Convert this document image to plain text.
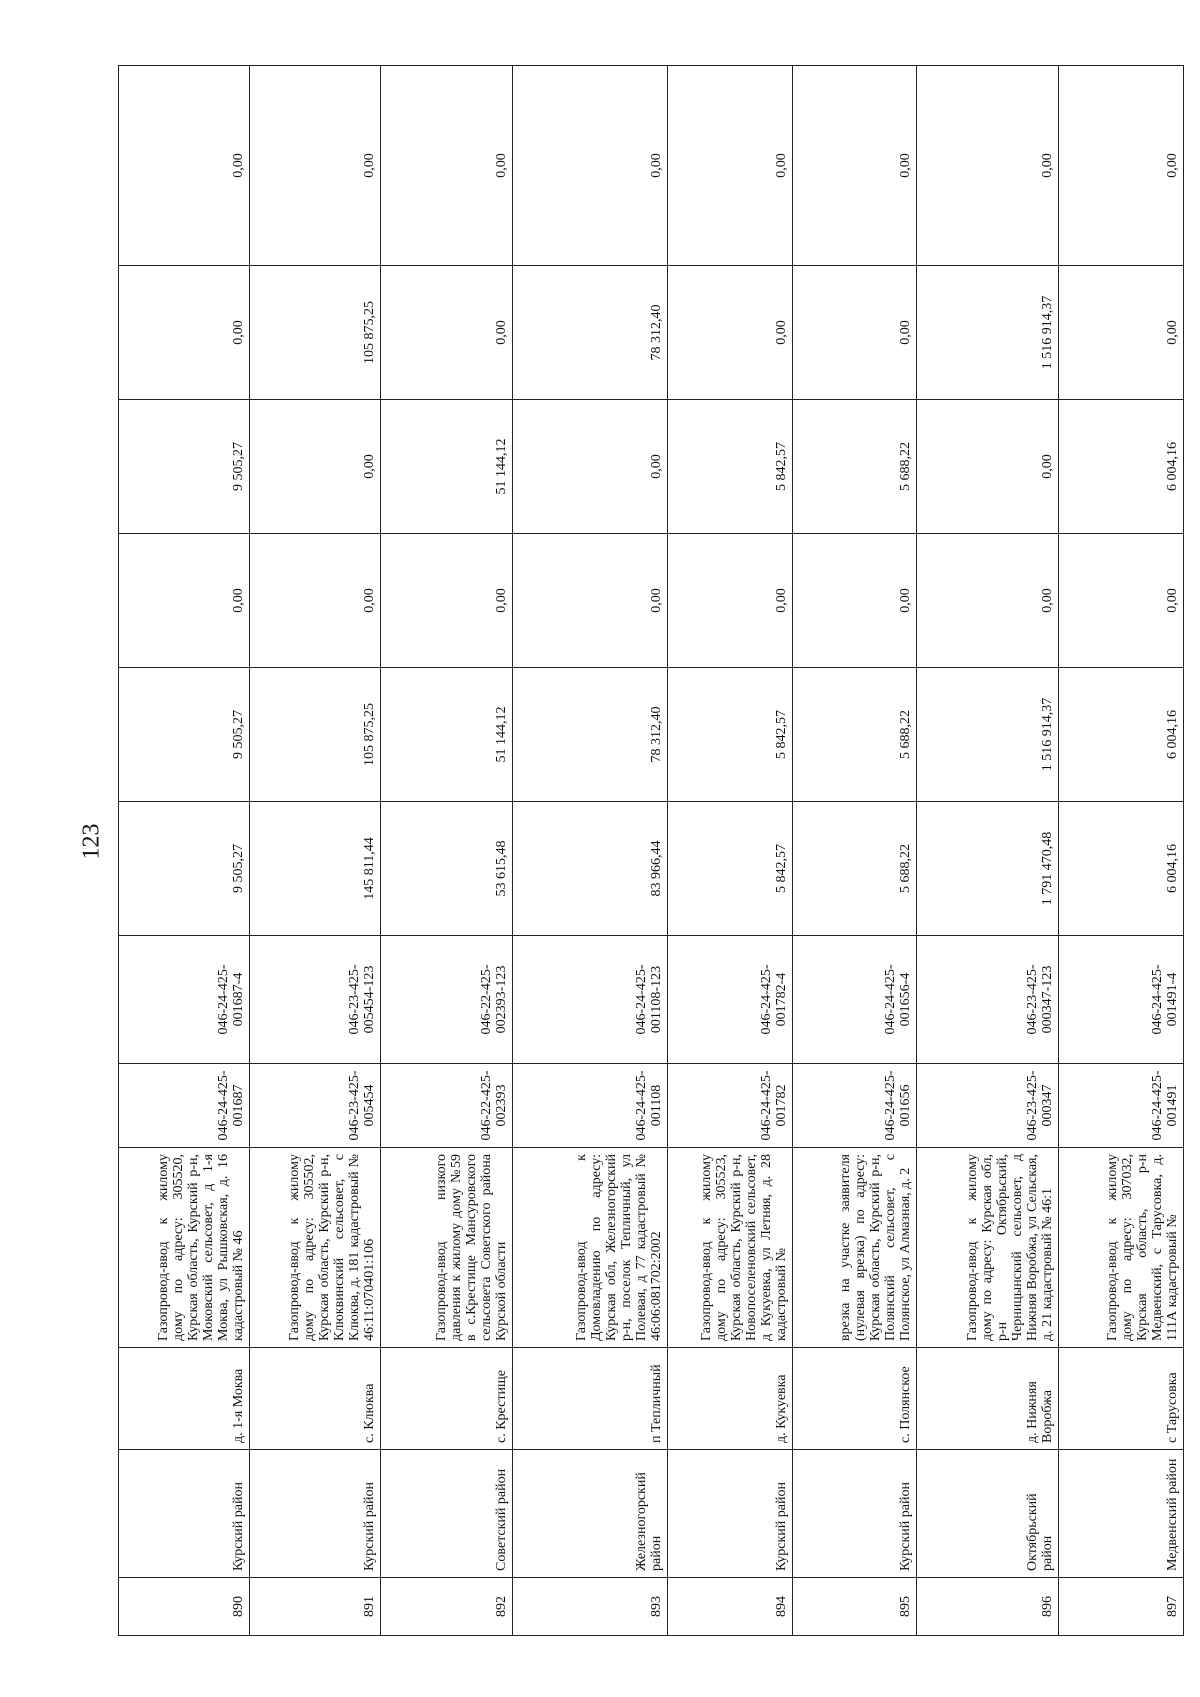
123
890	Курский район	д. 1-я Моква	Газопровод-ввод к жилому дому по адресу: 305520, Курская область, Курский р-н, Моковский сельсовет, д 1-я Моква, ул Рышковская, д. 16 кадастровый № 46	046-24-425-001687	046-24-425-001687-4	9 505,27	9 505,27	0,00	9 505,27	0,00	0,00
891	Курский район	с. Клюква	Газопровод-ввод к жилому дому по адресу: 305502, Курская область, Курский р-н, Клюквинский сельсовет, с Клюква, д. 181 кадастровый № 46:11:070401:106	046-23-425-005454	046-23-425-005454-123	145 811,44	105 875,25	0,00	0,00	105 875,25	0,00
892	Советский район	с. Крестище	Газопровод-ввод низкого давления к жилому дому №59 в с.Крестище Мансуровского сельсовета Советского района Курской области	046-22-425-002393	046-22-425-002393-123	53 615,48	51 144,12	0,00	51 144,12	0,00	0,00
893	Железногорский район	п Тепличный	Газопровод-ввод к Домовладению по адресу: Курская обл, Железногорский р-н, поселок Тепличный, ул Полевая, д 77 кадастровый № 46:06:081702:2002	046-24-425-001108	046-24-425-001108-123	83 966,44	78 312,40	0,00	0,00	78 312,40	0,00
894	Курский район	д. Кукуевка	Газопровод-ввод к жилому дому по адресу: 305523, Курская область, Курский р-н, Новопоселеновский сельсовет, д Кукуевка, ул Летняя, д. 28 кадастровый №	046-24-425-001782	046-24-425-001782-4	5 842,57	5 842,57	0,00	5 842,57	0,00	0,00
895	Курский район	с. Полянское	врезка на участке заявителя (нулевая врезка) по адресу: Курская область, Курский р-н, Полянский сельсовет, с Полянское, ул Алмазная, д. 2	046-24-425-001656	046-24-425-001656-4	5 688,22	5 688,22	0,00	5 688,22	0,00	0,00
896	Октябрьский район	д. Нижняя Воробжа	Газопровод-ввод к жилому дому по адресу: Курская обл, р-н Октябрьский, Черницынский сельсовет, д Нижняя Воробжа, ул Сельская, д. 21 кадастровый № 46:1	046-23-425-000347	046-23-425-000347-123	1 791 470,48	1 516 914,37	0,00	0,00	1 516 914,37	0,00
897	Медвенский район	с Тарусовка	Газопровод-ввод к жилому дому по адресу: 307032, Курская область, р-н Медвенский, с Тарусовка, д. 111А кадастровый №	046-24-425-001491	046-24-425-001491-4	6 004,16	6 004,16	0,00	6 004,16	0,00	0,00
